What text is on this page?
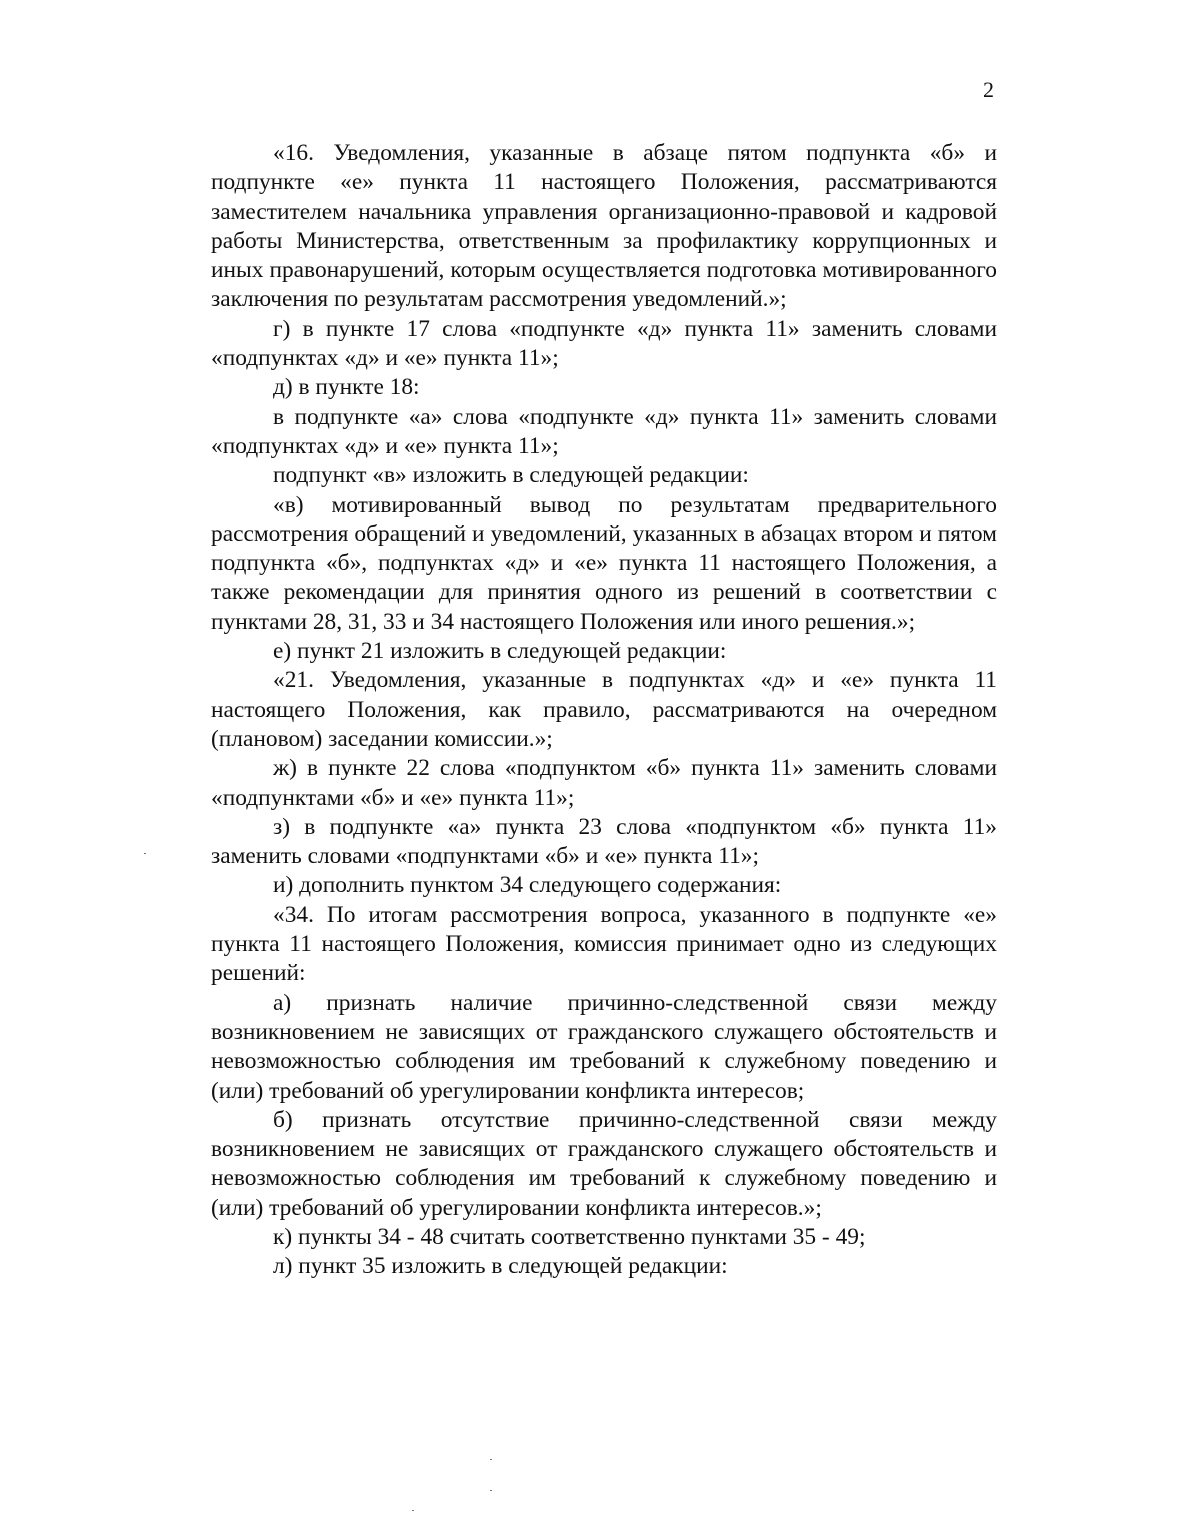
2

«16. Уведомления, указанные в абзаце пятом подпункта «б» и подпункте «е» пункта 11 настоящего Положения, рассматриваются заместителем начальника управления организационно-правовой и кадровой работы Министерства, ответственным за профилактику коррупционных и иных правонарушений, которым осуществляется подготовка мотивированного заключения по результатам рассмотрения уведомлений.»;

г) в пункте 17 слова «подпункте «д» пункта 11» заменить словами «подпунктах «д» и «е» пункта 11»;

д) в пункте 18:

в подпункте «а» слова «подпункте «д» пункта 11» заменить словами «подпунктах «д» и «е» пункта 11»;

подпункт «в» изложить в следующей редакции:

«в) мотивированный вывод по результатам предварительного рассмотрения обращений и уведомлений, указанных в абзацах втором и пятом подпункта «б», подпунктах «д» и «е» пункта 11 настоящего Положения, а также рекомендации для принятия одного из решений в соответствии с пунктами 28, 31, 33 и 34 настоящего Положения или иного решения.»;

е) пункт 21 изложить в следующей редакции:

«21. Уведомления, указанные в подпунктах «д» и «е» пункта 11 настоящего Положения, как правило, рассматриваются на очередном (плановом) заседании комиссии.»;

ж) в пункте 22 слова «подпунктом «б» пункта 11» заменить словами «подпунктами «б» и «е» пункта 11»;

з) в подпункте «а» пункта 23 слова «подпунктом «б» пункта 11» заменить словами «подпунктами «б» и «е» пункта 11»;

и) дополнить пунктом 34 следующего содержания:

«34. По итогам рассмотрения вопроса, указанного в подпункте «е» пункта 11 настоящего Положения, комиссия принимает одно из следующих решений:

а) признать наличие причинно-следственной связи между возникновением не зависящих от гражданского служащего обстоятельств и невозможностью соблюдения им требований к служебному поведению и (или) требований об урегулировании конфликта интересов;

б) признать отсутствие причинно-следственной связи между возникновением не зависящих от гражданского служащего обстоятельств и невозможностью соблюдения им требований к служебному поведению и (или) требований об урегулировании конфликта интересов.»;

к) пункты 34 - 48 считать соответственно пунктами 35 - 49;

л) пункт 35 изложить в следующей редакции:
